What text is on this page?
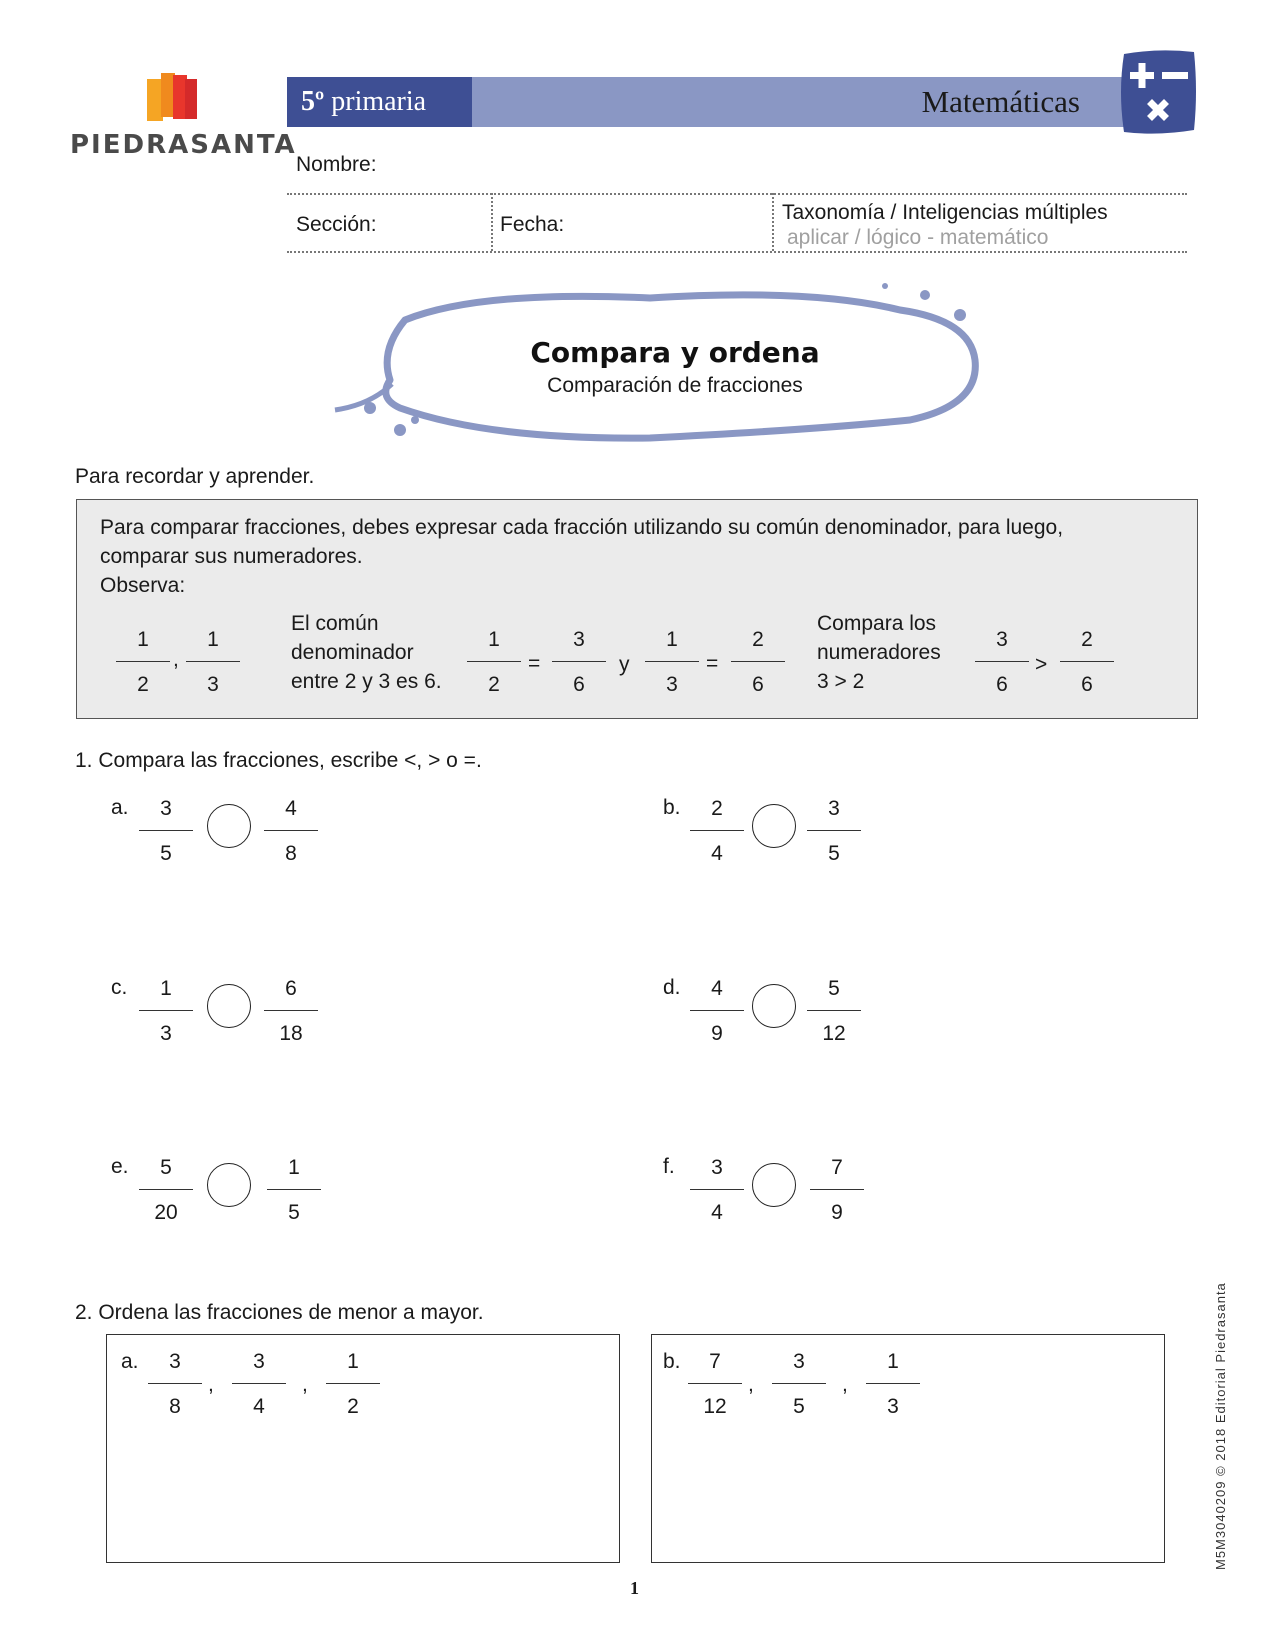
PIEDRASANTA
5º primaria	Matemáticas
Nombre:
Sección:	Fecha:
Taxonomía / Inteligencias múltiples
aplicar / lógico - matemático
Compara y ordena
Comparación de fracciones
Para recordar y aprender.
Para comparar fracciones, debes expresar cada fracción utilizando su común denominador, para luego,
comparar sus numeradores.
Observa:
1
2
,
1
3
El común
denominador
entre 2 y 3 es 6.
1
2
=
3
6
y
1
3
=
2
6
Compara los
numeradores
3 > 2
3
6
>
2
6
1. Compara las fracciones, escribe <, > o =.
a.	3
5
4
8
b.	2
4
3
5
c.	1
3
6
18
d.	4
9
5
12
e.	5
20
1
5
f.	3
4
7
9
2. Ordena las fracciones de menor a mayor.
a.	3
8
,
3
4
,
1
2
b.	7
12
,
3
5
,
1
3	M5M3040209 © 2018 Editorial Piedrasanta
1
